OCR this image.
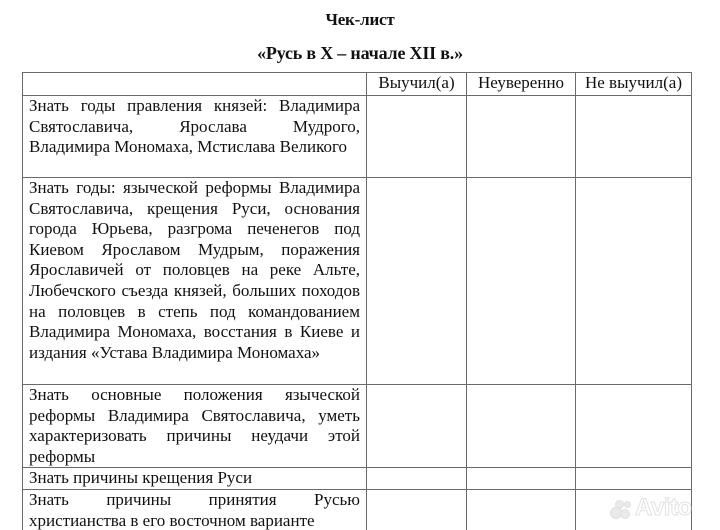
Чек-лист
«Русь в X – начале XII в.»
	Выучил(а)	Неуверенно	Не выучил(а)
Знать годы правления князей: Владимира Святославича, Ярослава Мудрого, Владимира Мономаха, Мстислава Великого			
Знать годы: языческой реформы Владимира Святославича, крещения Руси, основания города Юрьева, разгрома печенегов под Киевом Ярославом Мудрым, поражения Ярославичей от половцев на реке Альте, Любечского съезда князей, больших походов на половцев в степь под командованием Владимира Мономаха, восстания в Киеве и издания «Устава Владимира Мономаха»			
Знать основные положения языческой реформы Владимира Святославича, уметь характеризовать причины неудачи этой реформы			
Знать причины крещения Руси			
Знать причины принятия Русью христианства в его восточном варианте				Avito
